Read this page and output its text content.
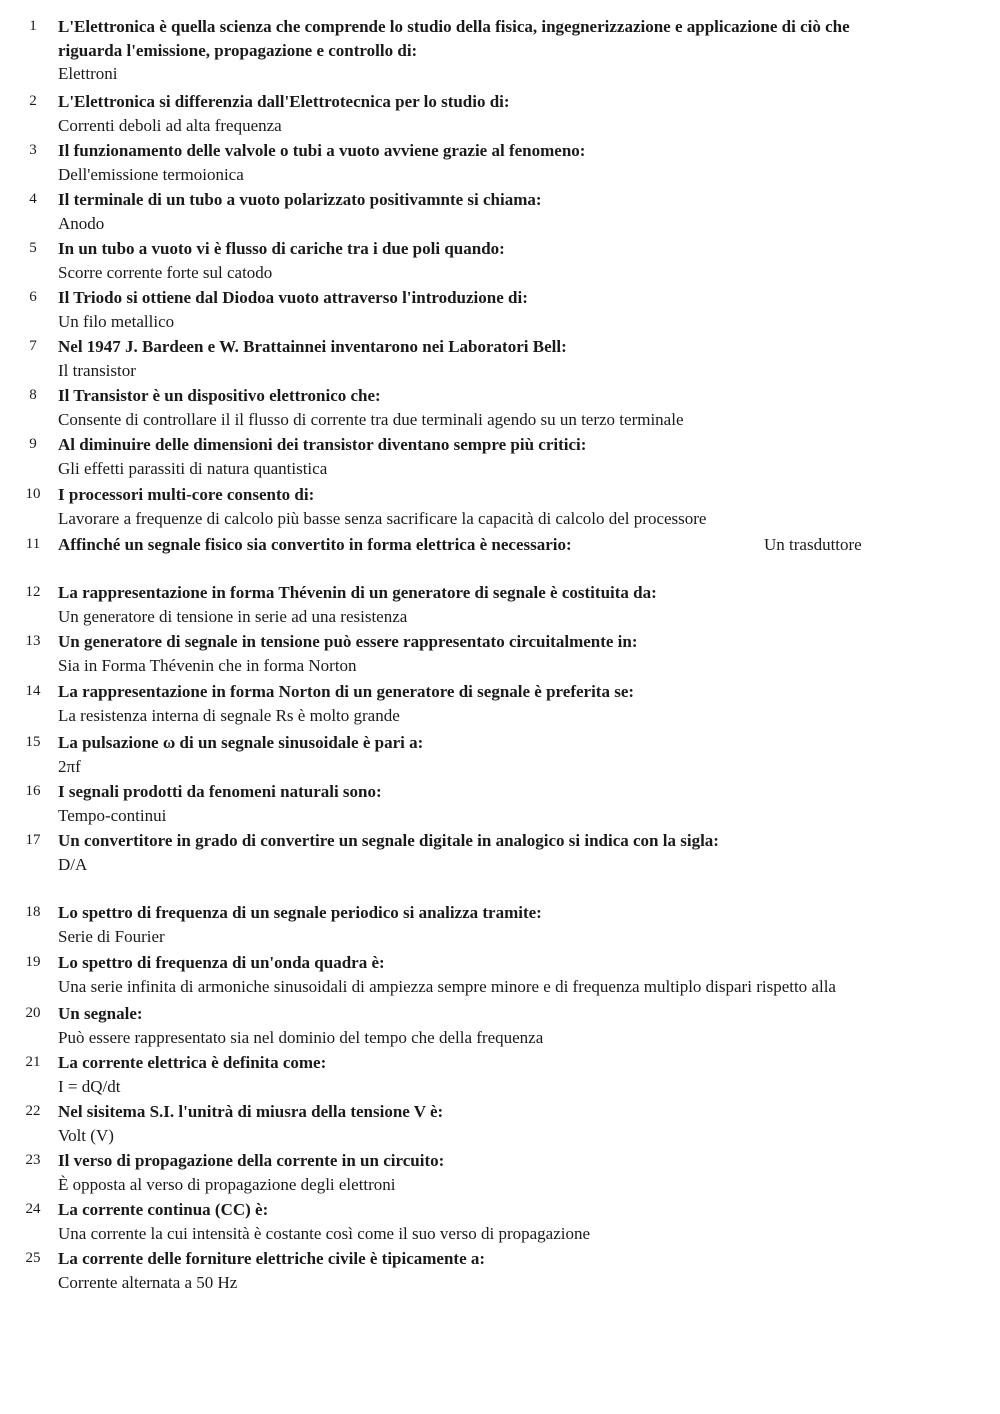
1	L'Elettronica è quella scienza che comprende lo studio della fisica, ingegnerizzazione e applicazione di ciò che riguarda l'emissione, propagazione e controllo di:
Elettroni
2	L'Elettronica si differenzia dall'Elettrotecnica per lo studio di:
Correnti deboli ad alta frequenza
3	Il funzionamento delle valvole o tubi a vuoto avviene grazie al fenomeno:
Dell'emissione termoionica
4	Il terminale di un tubo a vuoto polarizzato positivamnte si chiama:
Anodo
5	In un tubo a vuoto vi è flusso di cariche tra i due poli quando:
Scorre corrente forte sul catodo
6	Il Triodo si ottiene dal Diodoa vuoto attraverso l'introduzione di:
Un filo metallico
7	Nel 1947 J. Bardeen e W. Brattainnei inventarono nei Laboratori Bell:
Il transistor
8	Il Transistor è un dispositivo elettronico che:
Consente di controllare il il flusso di corrente tra due terminali agendo su un terzo terminale
9	Al diminuire delle dimensioni dei transistor diventano sempre più critici:
Gli effetti parassiti di natura quantistica
10	I processori multi-core consento di:
Lavorare a frequenze di calcolo più basse senza sacrificare la capacità di calcolo del processore
11	Affinché un segnale fisico sia convertito in forma elettrica è necessario:	Un trasduttore
12	La rappresentazione in forma Thévenin di un generatore di segnale è costituita da:
Un generatore di tensione in serie ad una resistenza
13	Un generatore di segnale in tensione può essere rappresentato circuitalmente in:
Sia in Forma Thévenin che in forma Norton
14	La rappresentazione in forma Norton di un generatore di segnale è preferita se:
La resistenza interna di segnale Rs è molto grande
15	La pulsazione ω di un segnale sinusoidale è pari a:
2πf
16	I segnali prodotti da fenomeni naturali sono:
Tempo-continui
17	Un convertitore in grado di convertire un segnale digitale in analogico si indica con la sigla:
D/A
18	Lo spettro di frequenza di un segnale periodico si analizza tramite:
Serie di Fourier
19	Lo spettro di frequenza di un'onda quadra è:
Una serie infinita di armoniche sinusoidali di ampiezza sempre minore e di frequenza multiplo dispari rispetto alla
20	Un segnale:
Può essere rappresentato sia nel dominio del tempo che della frequenza
21	La corrente elettrica è definita come:
I = dQ/dt
22	Nel sisitema S.I. l'unitrà di miusra della tensione V è:
Volt (V)
23	Il verso di propagazione della corrente in un circuito:
È opposta al verso di propagazione degli elettroni
24	La corrente continua (CC) è:
Una corrente la cui intensità è costante così come il suo verso di propagazione
25	La corrente delle forniture elettriche civile è tipicamente a:
Corrente alternata a 50 Hz
